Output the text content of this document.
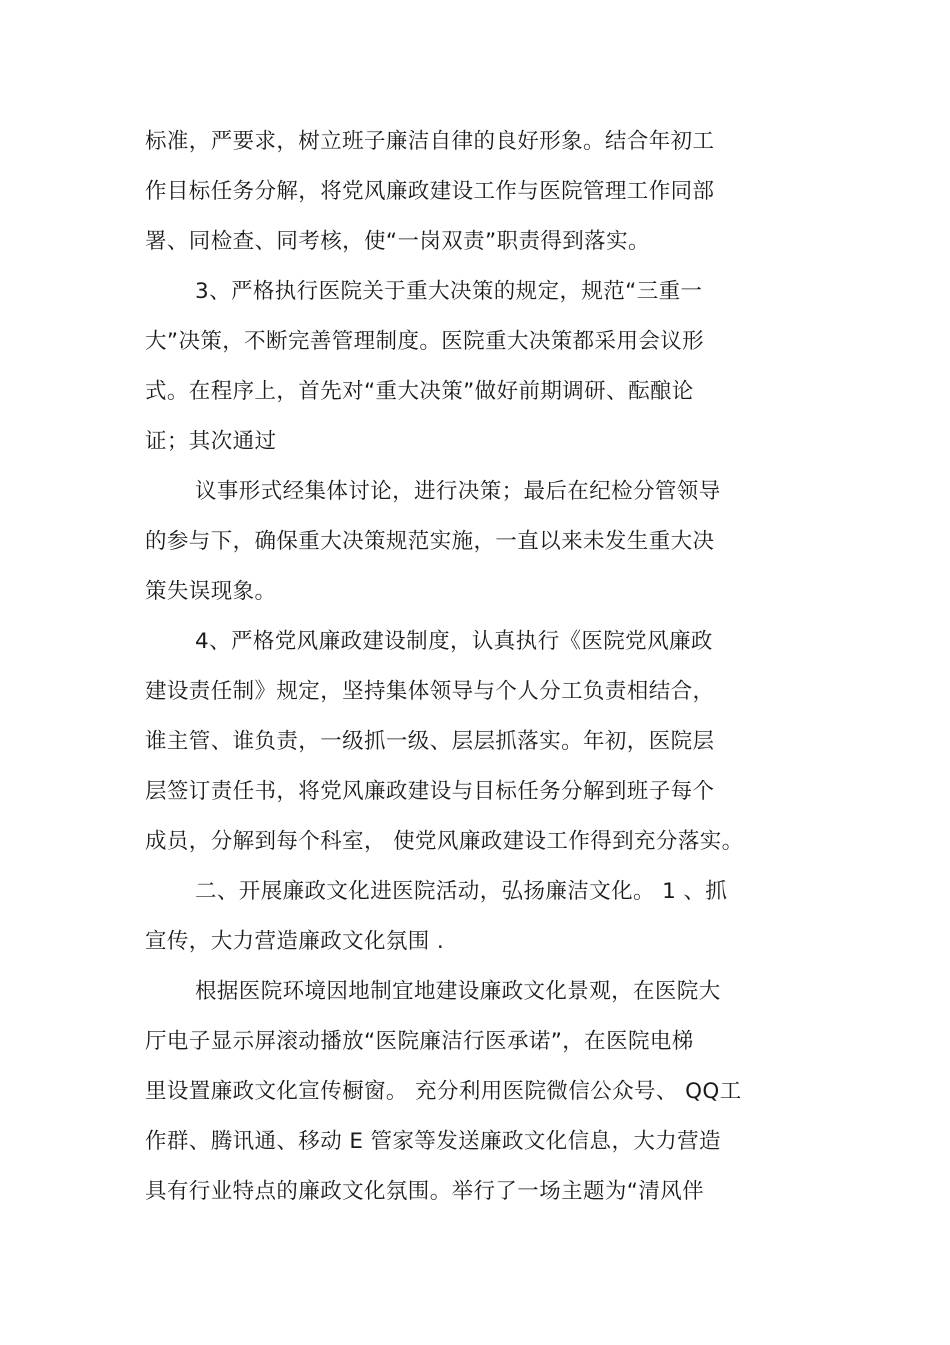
标准，严要求，树立班子廉洁自律的良好形象。结合年初工
作目标任务分解，将党风廉政建设工作与医院管理工作同部
署、同检查、同考核，使“一岗双责”职责得到落实。
3、严格执行医院关于重大决策的规定，规范“三重一
大”决策，不断完善管理制度。医院重大决策都采用会议形
式。在程序上，首先对“重大决策”做好前期调研、酝酿论
证；其次通过
议事形式经集体讨论，进行决策；最后在纪检分管领导
的参与下，确保重大决策规范实施，一直以来未发生重大决
策失误现象。
4、严格党风廉政建设制度，认真执行《医院党风廉政
建设责任制》规定，坚持集体领导与个人分工负责相结合，
谁主管、谁负责，一级抓一级、层层抓落实。年初，医院层
层签订责任书，将党风廉政建设与目标任务分解到班子每个
成员，分解到每个科室， 使党风廉政建设工作得到充分落实。
二、开展廉政文化进医院活动，弘扬廉洁文化。 1 、抓
宣传，大力营造廉政文化氛围 .
根据医院环境因地制宜地建设廉政文化景观，在医院大
厅电子显示屏滚动播放“医院廉洁行医承诺”，在医院电梯
里设置廉政文化宣传橱窗。 充分利用医院微信公众号、 QQ工
作群、腾讯通、移动 E 管家等发送廉政文化信息，大力营造
具有行业特点的廉政文化氛围。举行了一场主题为“清风伴
